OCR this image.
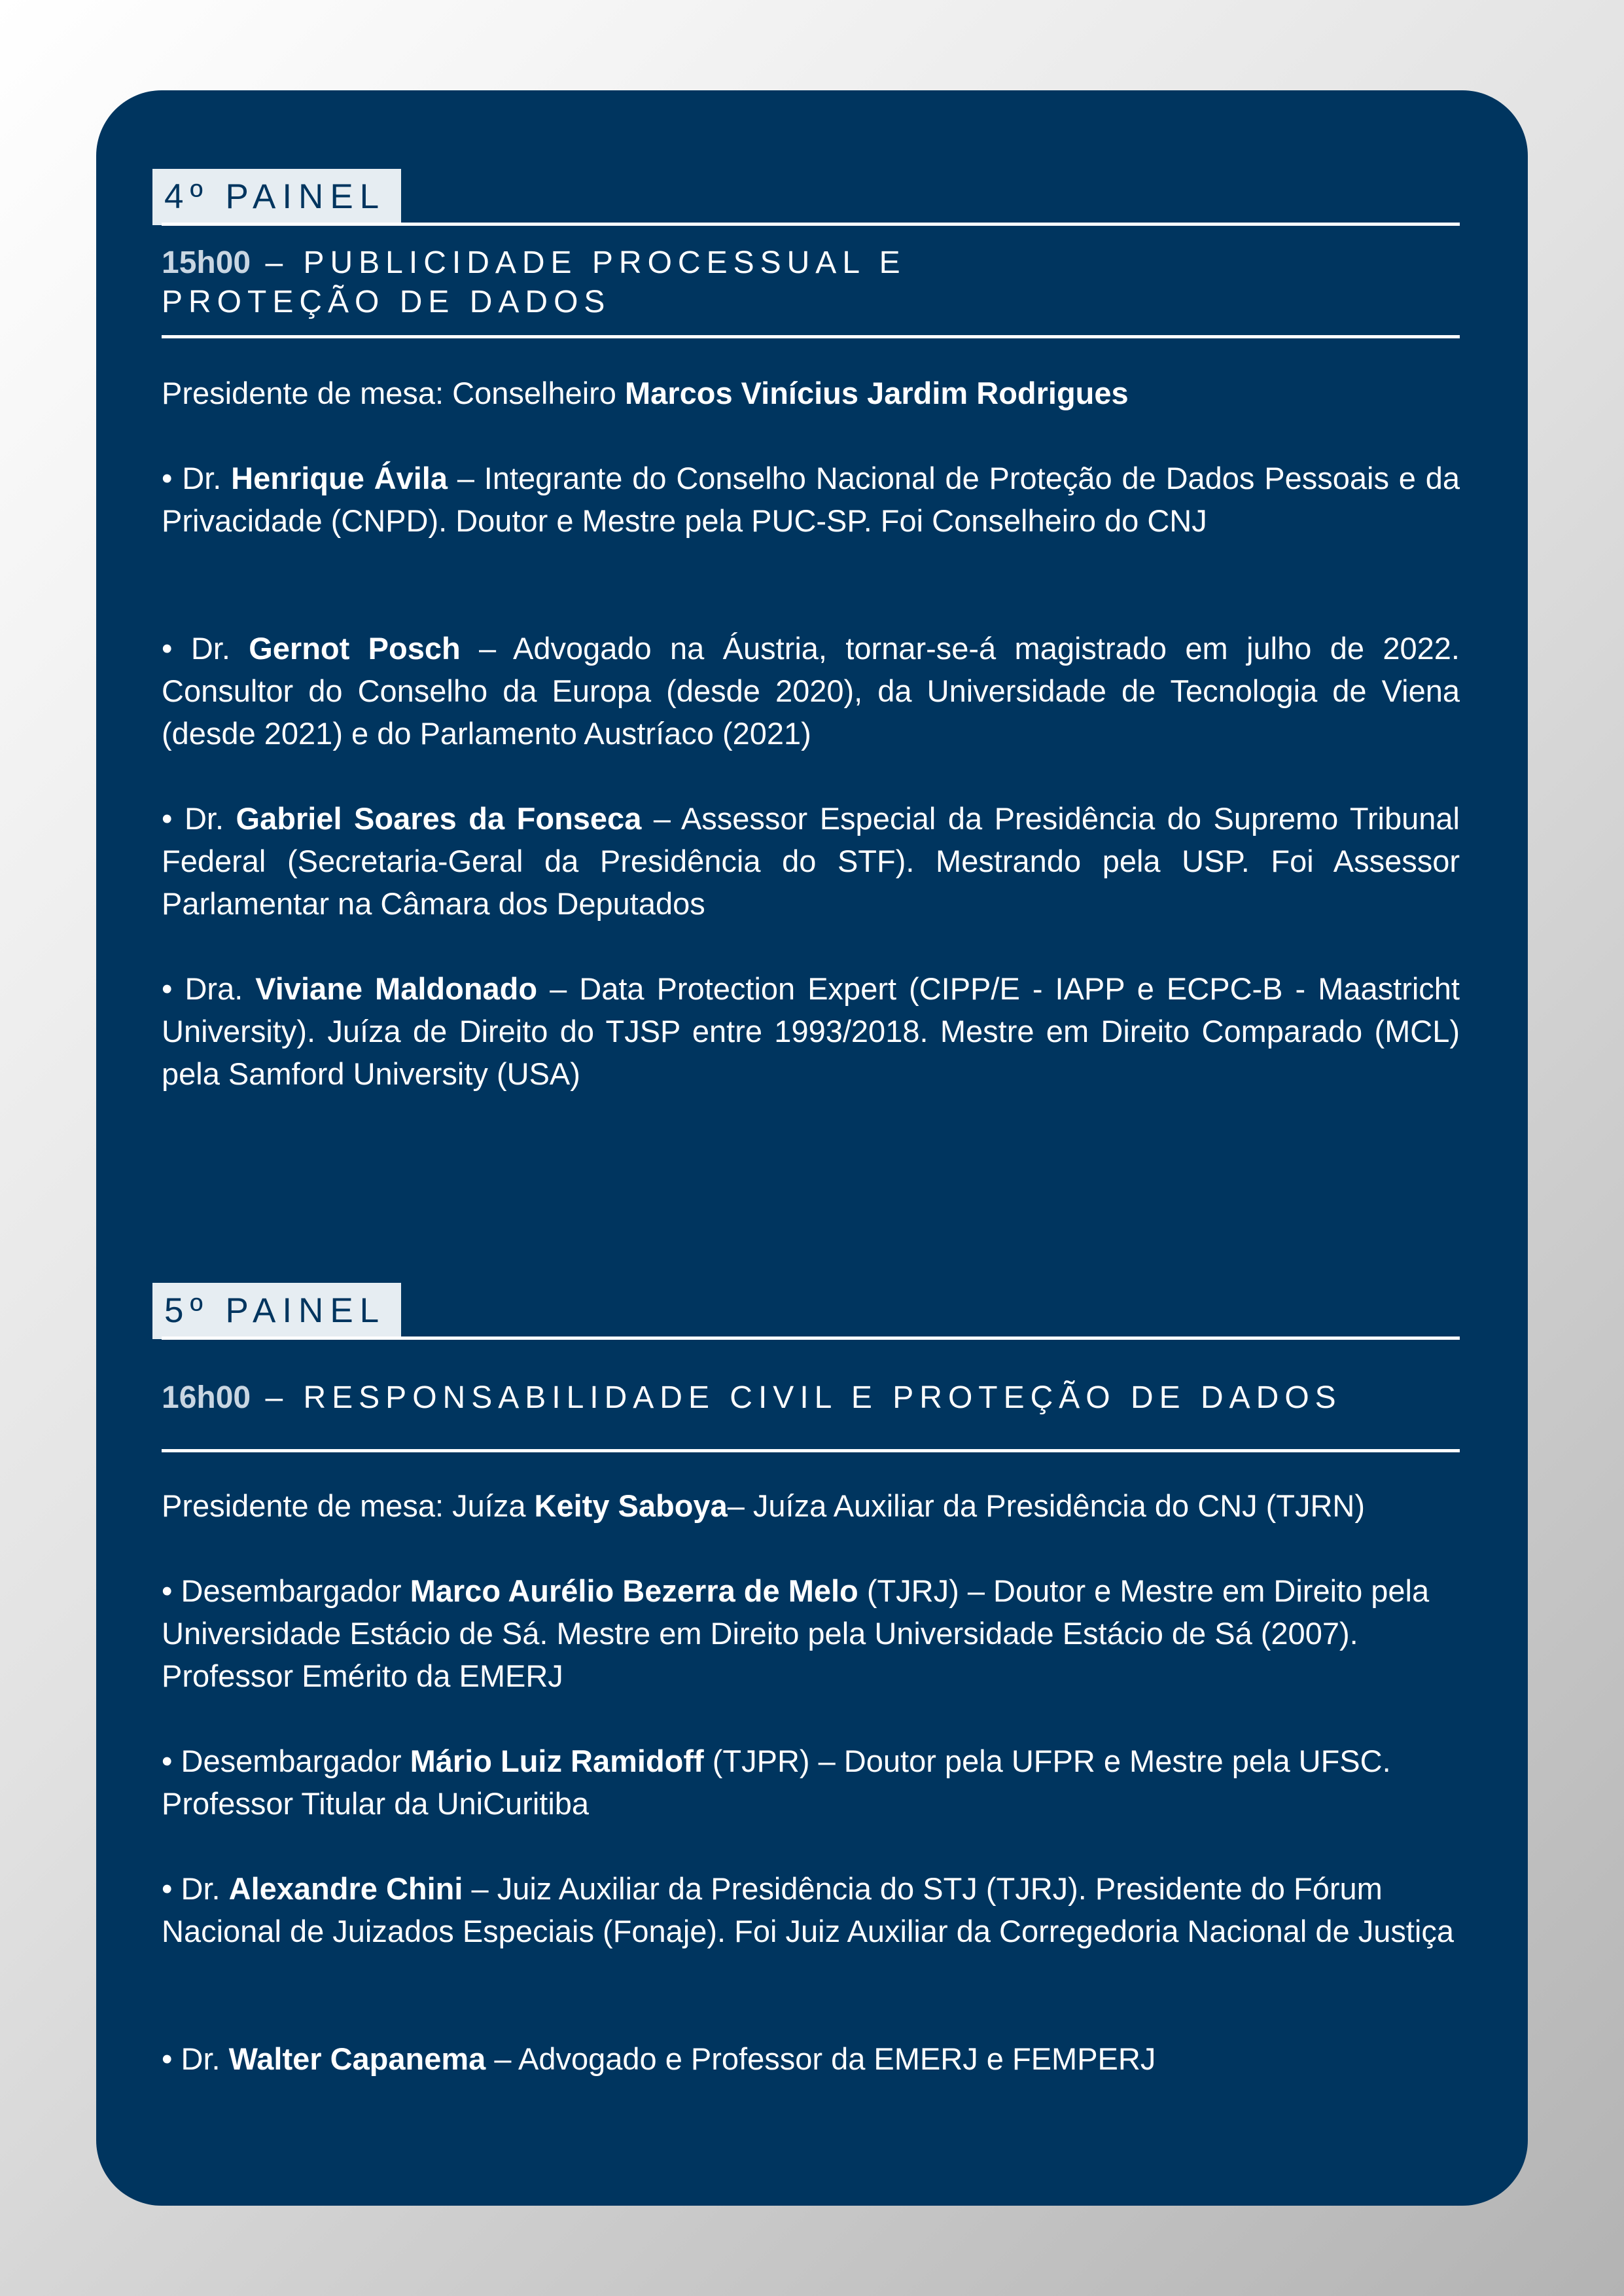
4º PAINEL
15h00 – PUBLICIDADE PROCESSUAL E PROTEÇÃO DE DADOS
Presidente de mesa: Conselheiro Marcos Vinícius Jardim Rodrigues
• Dr. Henrique Ávila – Integrante do Conselho Nacional de Proteção de Dados Pessoais e da Privacidade (CNPD). Doutor e Mestre pela PUC-SP. Foi Conselheiro do CNJ
• Dr. Gernot Posch – Advogado na Áustria, tornar-se-á magistrado em julho de 2022. Consultor do Conselho da Europa (desde 2020), da Universidade de Tecnologia de Viena (desde 2021) e do Parlamento Austríaco (2021)
• Dr. Gabriel Soares da Fonseca – Assessor Especial da Presidência do Supremo Tribunal Federal (Secretaria-Geral da Presidência do STF). Mestrando pela USP. Foi Assessor Parlamentar na Câmara dos Deputados
• Dra. Viviane Maldonado – Data Protection Expert (CIPP/E - IAPP e ECPC-B - Maastricht University). Juíza de Direito do TJSP entre 1993/2018. Mestre em Direito Comparado (MCL) pela Samford University (USA)
5º PAINEL
16h00 – RESPONSABILIDADE CIVIL E PROTEÇÃO DE DADOS
Presidente de mesa: Juíza Keity Saboya– Juíza Auxiliar da Presidência do CNJ (TJRN)
• Desembargador Marco Aurélio Bezerra de Melo (TJRJ) – Doutor e Mestre em Direito pela Universidade Estácio de Sá. Mestre em Direito pela Universidade Estácio de Sá (2007). Professor Emérito da EMERJ
• Desembargador Mário Luiz Ramidoff (TJPR) – Doutor pela UFPR e Mestre pela UFSC. Professor Titular da UniCuritiba
• Dr. Alexandre Chini – Juiz Auxiliar da Presidência do STJ (TJRJ). Presidente do Fórum Nacional de Juizados Especiais (Fonaje). Foi Juiz Auxiliar da Corregedoria Nacional de Justiça
• Dr. Walter Capanema – Advogado e Professor da EMERJ e FEMPERJ
